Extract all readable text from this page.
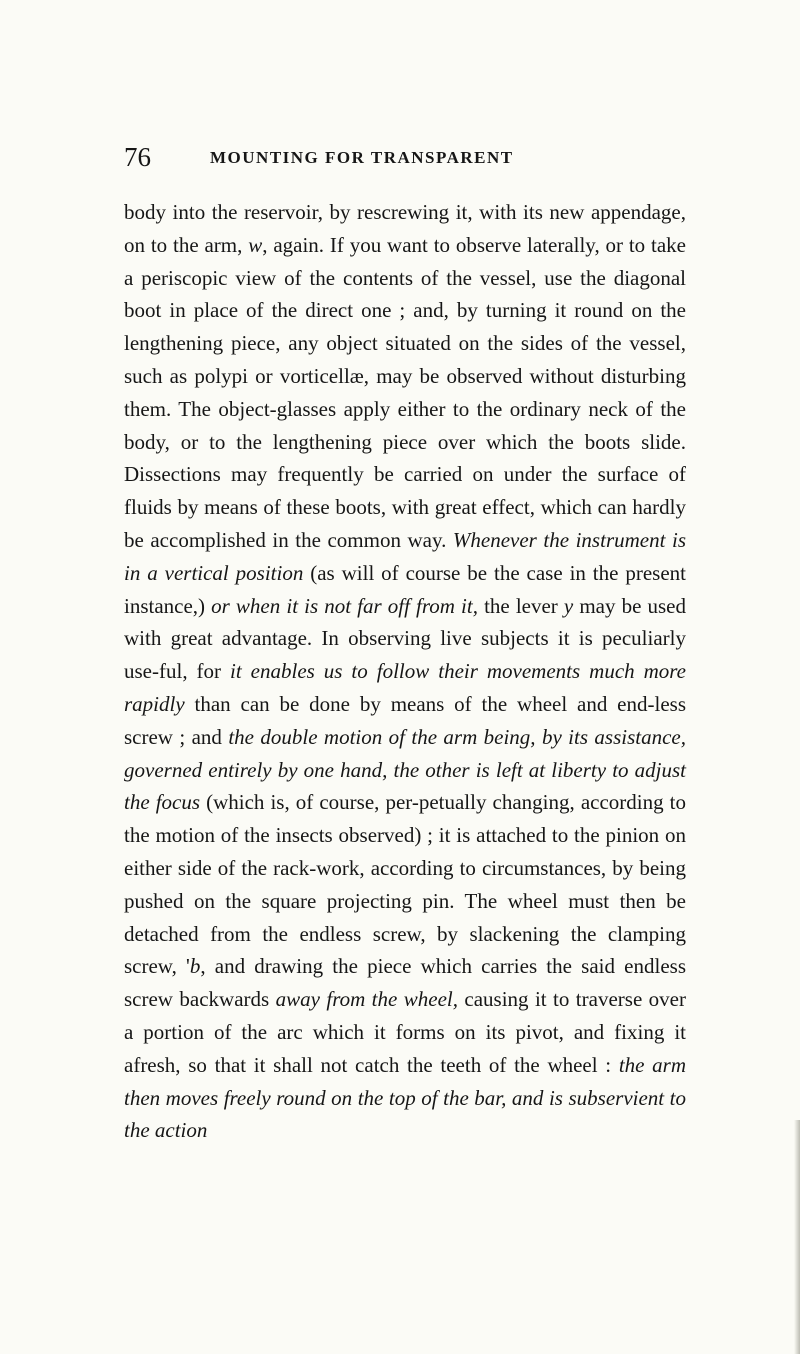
76	MOUNTING FOR TRANSPARENT

body into the reservoir, by rescrewing it, with its new appendage, on to the arm, w, again. If you want to observe laterally, or to take a periscopic view of the contents of the vessel, use the diagonal boot in place of the direct one ; and, by turning it round on the lengthening piece, any object situated on the sides of the vessel, such as polypi or vorticellæ, may be observed without disturbing them. The object-glasses apply either to the ordinary neck of the body, or to the lengthening piece over which the boots slide. Dissections may frequently be carried on under the surface of fluids by means of these boots, with great effect, which can hardly be accomplished in the common way. Whenever the instrument is in a vertical position (as will of course be the case in the present instance,) or when it is not far off from it, the lever y may be used with great advantage. In observing live subjects it is peculiarly use-ful, for it enables us to follow their movements much more rapidly than can be done by means of the wheel and end-less screw ; and the double motion of the arm being, by its assistance, governed entirely by one hand, the other is left at liberty to adjust the focus (which is, of course, per-petually changing, according to the motion of the insects observed) ; it is attached to the pinion on either side of the rack-work, according to circumstances, by being pushed on the square projecting pin. The wheel must then be detached from the endless screw, by slackening the clamping screw, 'b, and drawing the piece which carries the said endless screw backwards away from the wheel, causing it to traverse over a portion of the arc which it forms on its pivot, and fixing it afresh, so that it shall not catch the teeth of the wheel : the arm then moves freely round on the top of the bar, and is subservient to the action
